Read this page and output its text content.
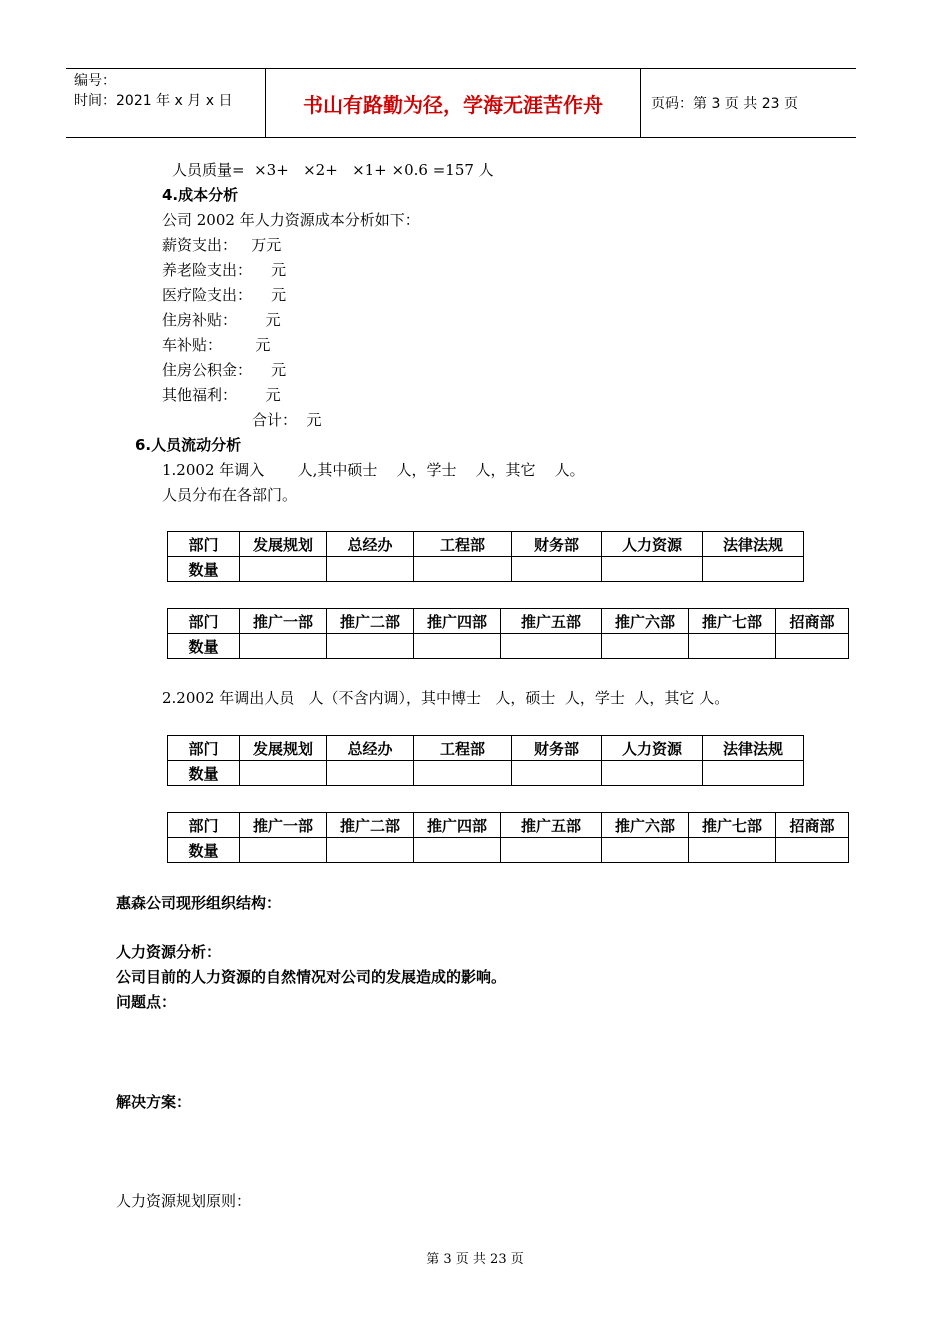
编号：
时间：2021 年 x 月 x 日	书山有路勤为径，学海无涯苦作舟	页码：第 3 页 共 23 页
人员质量=  ×3+   ×2+   ×1+ ×0.6 =157 人
4.成本分析
公司 2002 年人力资源成本分析如下：
薪资支出：   万元
养老险支出：    元
医疗险支出：    元
住房补贴：      元
车补贴：       元
住房公积金：    元
其他福利：      元
合计：  元
6.人员流动分析
1.2002 年调入       人,其中硕士    人，学士    人，其它    人。
人员分布在各部门。
部门	发展规划	总经办	工程部	财务部	人力资源	法律法规
数量						
部门	推广一部	推广二部	推广四部	推广五部	推广六部	推广七部	招商部
数量							
2.2002 年调出人员   人（不含内调），其中博士   人，硕士  人，学士  人，其它 人。
部门	发展规划	总经办	工程部	财务部	人力资源	法律法规
数量						
部门	推广一部	推广二部	推广四部	推广五部	推广六部	推广七部	招商部
数量							
惠森公司现形组织结构：
人力资源分析：
公司目前的人力资源的自然情况对公司的发展造成的影响。
问题点：
解决方案：
人力资源规划原则：
第 3 页 共 23 页
